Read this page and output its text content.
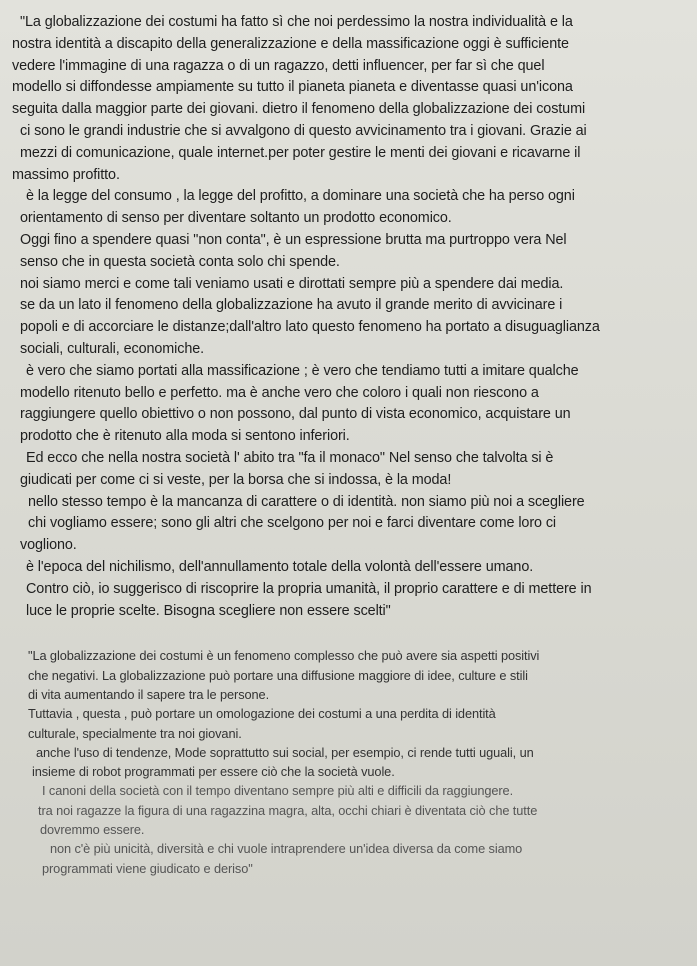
"La globalizzazione dei costumi ha fatto sì che noi perdessimo la nostra individualità e la
nostra identità a discapito della generalizzazione e della massificazione oggi è sufficiente
vedere l'immagine di una ragazza o di un ragazzo, detti influencer, per far sì che quel
modello si diffondesse ampiamente su tutto il pianeta pianeta e diventasse quasi un'icona
seguita dalla maggior parte dei giovani. dietro il fenomeno della globalizzazione dei costumi
ci sono le grandi industrie che si avvalgono di questo avvicinamento tra i giovani. Grazie ai
mezzi di comunicazione, quale internet.per poter gestire le menti dei giovani e ricavarne il
massimo profitto.
è la legge del consumo , la legge del profitto, a dominare una società che ha perso ogni
orientamento di senso per diventare soltanto un prodotto economico.
Oggi fino a spendere quasi "non conta", è un espressione brutta ma purtroppo vera Nel
senso che in questa società conta solo chi spende.
noi siamo merci e come tali veniamo usati e dirottati sempre più a spendere dai media.
se da un lato il fenomeno della globalizzazione ha avuto il grande merito di avvicinare i
popoli e di accorciare le distanze;dall'altro lato questo fenomeno ha portato a disuguaglianza
sociali, culturali, economiche.
è vero che siamo portati alla massificazione ; è vero che tendiamo tutti a imitare qualche
modello ritenuto bello e perfetto. ma è anche vero che coloro i quali non riescono a
raggiungere quello obiettivo o non possono, dal punto di vista economico, acquistare un
prodotto che è ritenuto alla moda si sentono inferiori.
Ed ecco che nella nostra società l' abito tra "fa il monaco" Nel senso che talvolta si è
giudicati per come ci si veste, per la borsa che si indossa, è la moda!
nello stesso tempo è la mancanza di carattere o di identità. non siamo più noi a scegliere
chi vogliamo essere; sono gli altri che scelgono per noi e farci diventare come loro ci
vogliono.
è l'epoca del nichilismo, dell'annullamento totale della volontà dell'essere umano.
Contro ciò, io suggerisco di riscoprire la propria umanità, il proprio carattere e di mettere in
luce le proprie scelte. Bisogna scegliere non essere scelti"
"La globalizzazione dei costumi è un fenomeno complesso che può avere sia aspetti positivi
che negativi. La globalizzazione può portare una diffusione maggiore di idee, culture e stili
di vita aumentando il sapere tra le persone.
Tuttavia , questa , può portare un omologazione dei costumi a una perdita di identità
culturale, specialmente tra noi giovani.
anche l'uso di tendenze, Mode soprattutto sui social, per esempio, ci rende tutti uguali, un
insieme di robot programmati per essere ciò che la società vuole.
I canoni della società con il tempo diventano sempre più alti e difficili da raggiungere.
tra noi ragazze la figura di una ragazzina magra, alta, occhi chiari è diventata ciò che tutte
dovremmo essere.
non c'è più unicità, diversità e chi vuole intraprendere un'idea diversa da come siamo
programmati viene giudicato e deriso"
